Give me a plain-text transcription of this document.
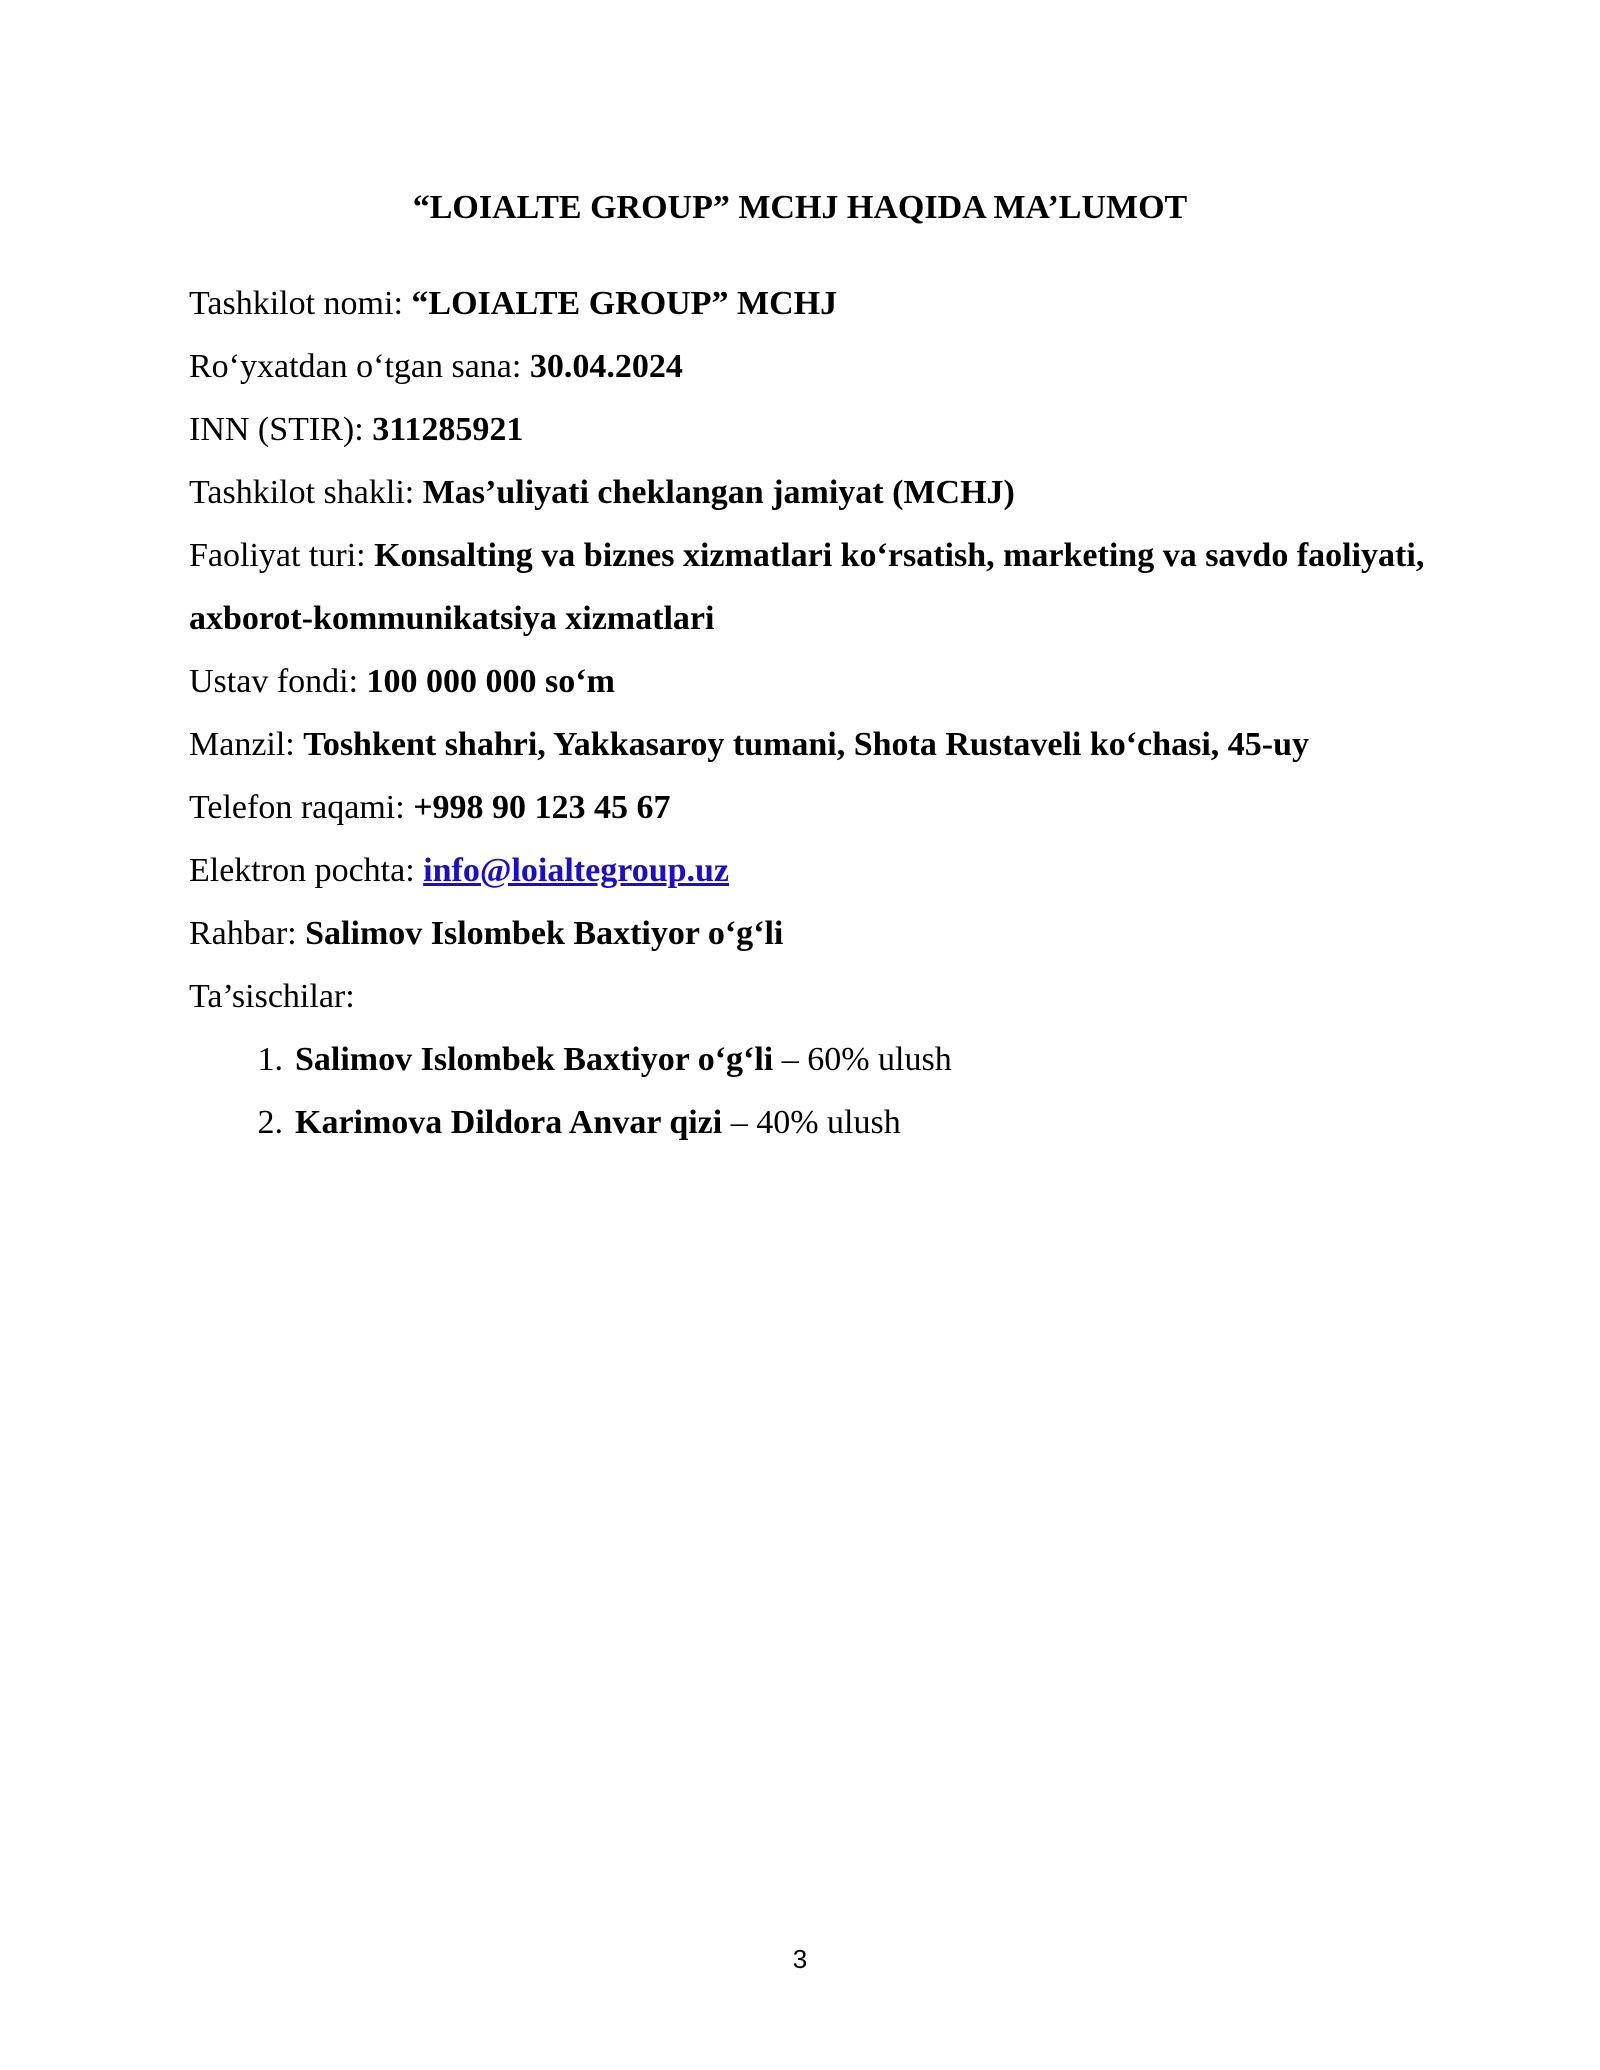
“LOIALTE GROUP” MCHJ HAQIDA MA’LUMOT

Tashkilot nomi: “LOIALTE GROUP” MCHJ

Ro‘yxatdan o‘tgan sana: 30.04.2024

INN (STIR): 311285921

Tashkilot shakli: Mas’uliyati cheklangan jamiyat (MCHJ)

Faoliyat turi: Konsalting va biznes xizmatlari ko‘rsatish, marketing va savdo faoliyati, axborot-kommunikatsiya xizmatlari

Ustav fondi: 100 000 000 so‘m

Manzil: Toshkent shahri, Yakkasaroy tumani, Shota Rustaveli ko‘chasi, 45-uy

Telefon raqami: +998 90 123 45 67

Elektron pochta: info@loialtegroup.uz

Rahbar: Salimov Islombek Baxtiyor o‘g‘li

Ta’sischilar:

1. Salimov Islombek Baxtiyor o‘g‘li – 60% ulush
2. Karimova Dildora Anvar qizi – 40% ulush
3
